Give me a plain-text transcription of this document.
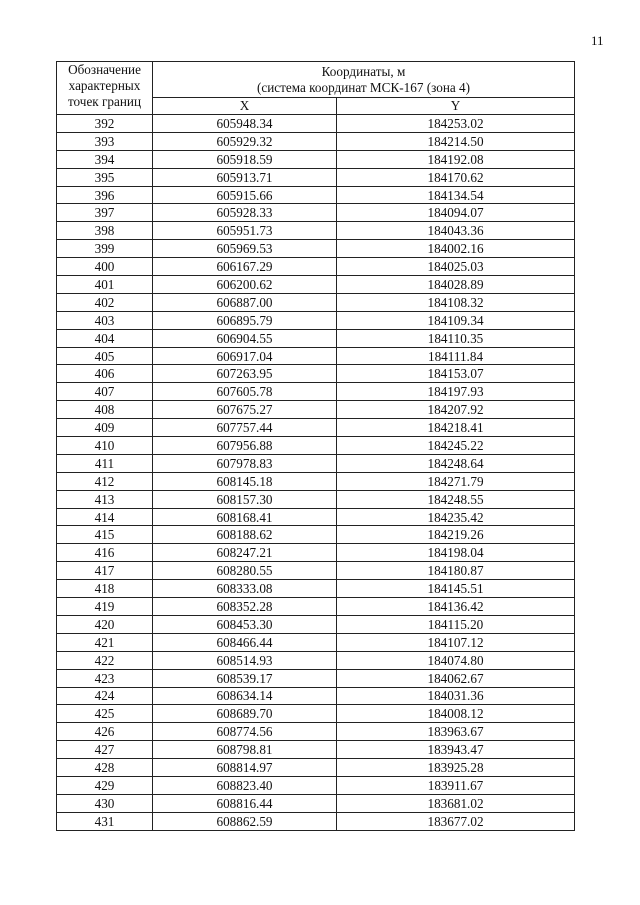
11
Обозначение характерных точек границ	Координаты, м
(система координат МСК-167 (зона 4)	

	X	Y
392	605948.34	184253.02
393	605929.32	184214.50
394	605918.59	184192.08
395	605913.71	184170.62
396	605915.66	184134.54
397	605928.33	184094.07
398	605951.73	184043.36
399	605969.53	184002.16
400	606167.29	184025.03
401	606200.62	184028.89
402	606887.00	184108.32
403	606895.79	184109.34
404	606904.55	184110.35
405	606917.04	184111.84
406	607263.95	184153.07
407	607605.78	184197.93
408	607675.27	184207.92
409	607757.44	184218.41
410	607956.88	184245.22
411	607978.83	184248.64
412	608145.18	184271.79
413	608157.30	184248.55
414	608168.41	184235.42
415	608188.62	184219.26
416	608247.21	184198.04
417	608280.55	184180.87
418	608333.08	184145.51
419	608352.28	184136.42
420	608453.30	184115.20
421	608466.44	184107.12
422	608514.93	184074.80
423	608539.17	184062.67
424	608634.14	184031.36
425	608689.70	184008.12
426	608774.56	183963.67
427	608798.81	183943.47
428	608814.97	183925.28
429	608823.40	183911.67
430	608816.44	183681.02
431	608862.59	183677.02
